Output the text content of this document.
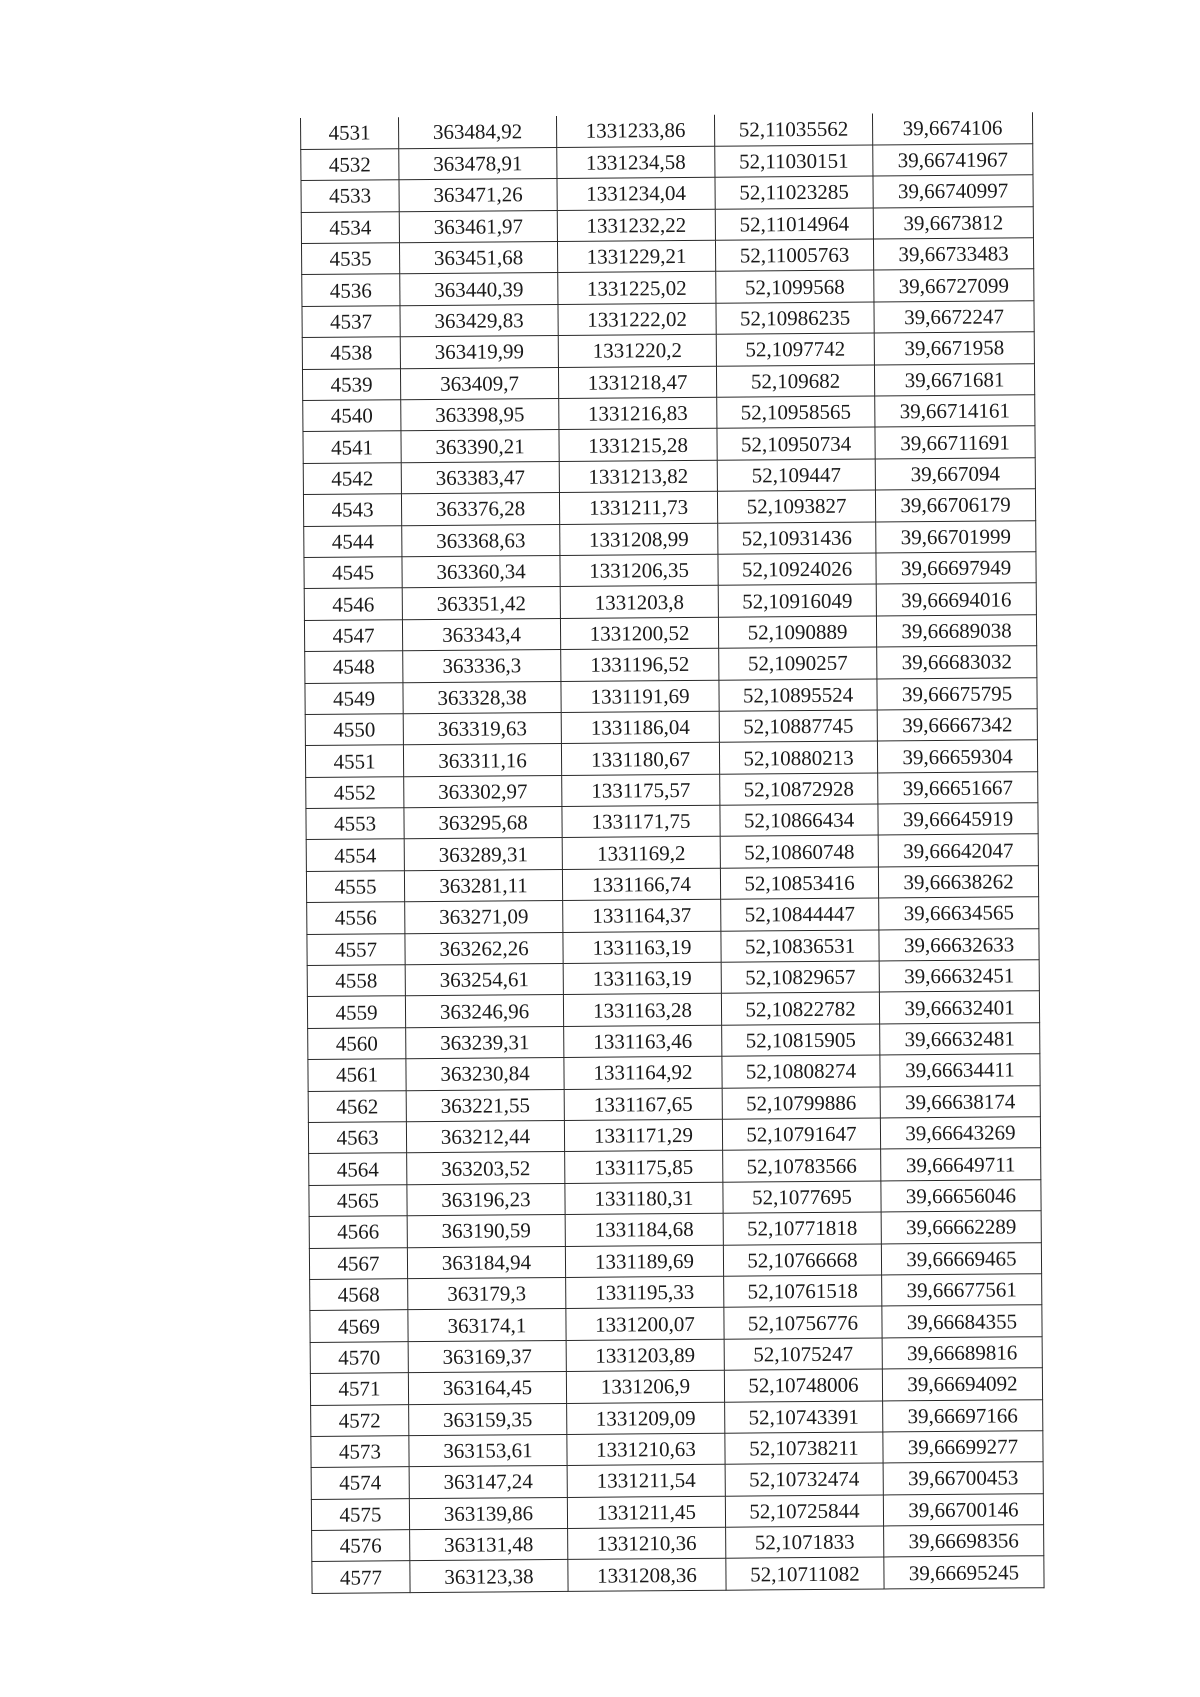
4531	363484,92	1331233,86	52,11035562	39,6674106
4532	363478,91	1331234,58	52,11030151	39,66741967
4533	363471,26	1331234,04	52,11023285	39,66740997
4534	363461,97	1331232,22	52,11014964	39,6673812
4535	363451,68	1331229,21	52,11005763	39,66733483
4536	363440,39	1331225,02	52,1099568	39,66727099
4537	363429,83	1331222,02	52,10986235	39,6672247
4538	363419,99	1331220,2	52,1097742	39,6671958
4539	363409,7	1331218,47	52,109682	39,6671681
4540	363398,95	1331216,83	52,10958565	39,66714161
4541	363390,21	1331215,28	52,10950734	39,66711691
4542	363383,47	1331213,82	52,109447	39,667094
4543	363376,28	1331211,73	52,1093827	39,66706179
4544	363368,63	1331208,99	52,10931436	39,66701999
4545	363360,34	1331206,35	52,10924026	39,66697949
4546	363351,42	1331203,8	52,10916049	39,66694016
4547	363343,4	1331200,52	52,1090889	39,66689038
4548	363336,3	1331196,52	52,1090257	39,66683032
4549	363328,38	1331191,69	52,10895524	39,66675795
4550	363319,63	1331186,04	52,10887745	39,66667342
4551	363311,16	1331180,67	52,10880213	39,66659304
4552	363302,97	1331175,57	52,10872928	39,66651667
4553	363295,68	1331171,75	52,10866434	39,66645919
4554	363289,31	1331169,2	52,10860748	39,66642047
4555	363281,11	1331166,74	52,10853416	39,66638262
4556	363271,09	1331164,37	52,10844447	39,66634565
4557	363262,26	1331163,19	52,10836531	39,66632633
4558	363254,61	1331163,19	52,10829657	39,66632451
4559	363246,96	1331163,28	52,10822782	39,66632401
4560	363239,31	1331163,46	52,10815905	39,66632481
4561	363230,84	1331164,92	52,10808274	39,66634411
4562	363221,55	1331167,65	52,10799886	39,66638174
4563	363212,44	1331171,29	52,10791647	39,66643269
4564	363203,52	1331175,85	52,10783566	39,66649711
4565	363196,23	1331180,31	52,1077695	39,66656046
4566	363190,59	1331184,68	52,10771818	39,66662289
4567	363184,94	1331189,69	52,10766668	39,66669465
4568	363179,3	1331195,33	52,10761518	39,66677561
4569	363174,1	1331200,07	52,10756776	39,66684355
4570	363169,37	1331203,89	52,1075247	39,66689816
4571	363164,45	1331206,9	52,10748006	39,66694092
4572	363159,35	1331209,09	52,10743391	39,66697166
4573	363153,61	1331210,63	52,10738211	39,66699277
4574	363147,24	1331211,54	52,10732474	39,66700453
4575	363139,86	1331211,45	52,10725844	39,66700146
4576	363131,48	1331210,36	52,1071833	39,66698356
4577	363123,38	1331208,36	52,10711082	39,66695245
